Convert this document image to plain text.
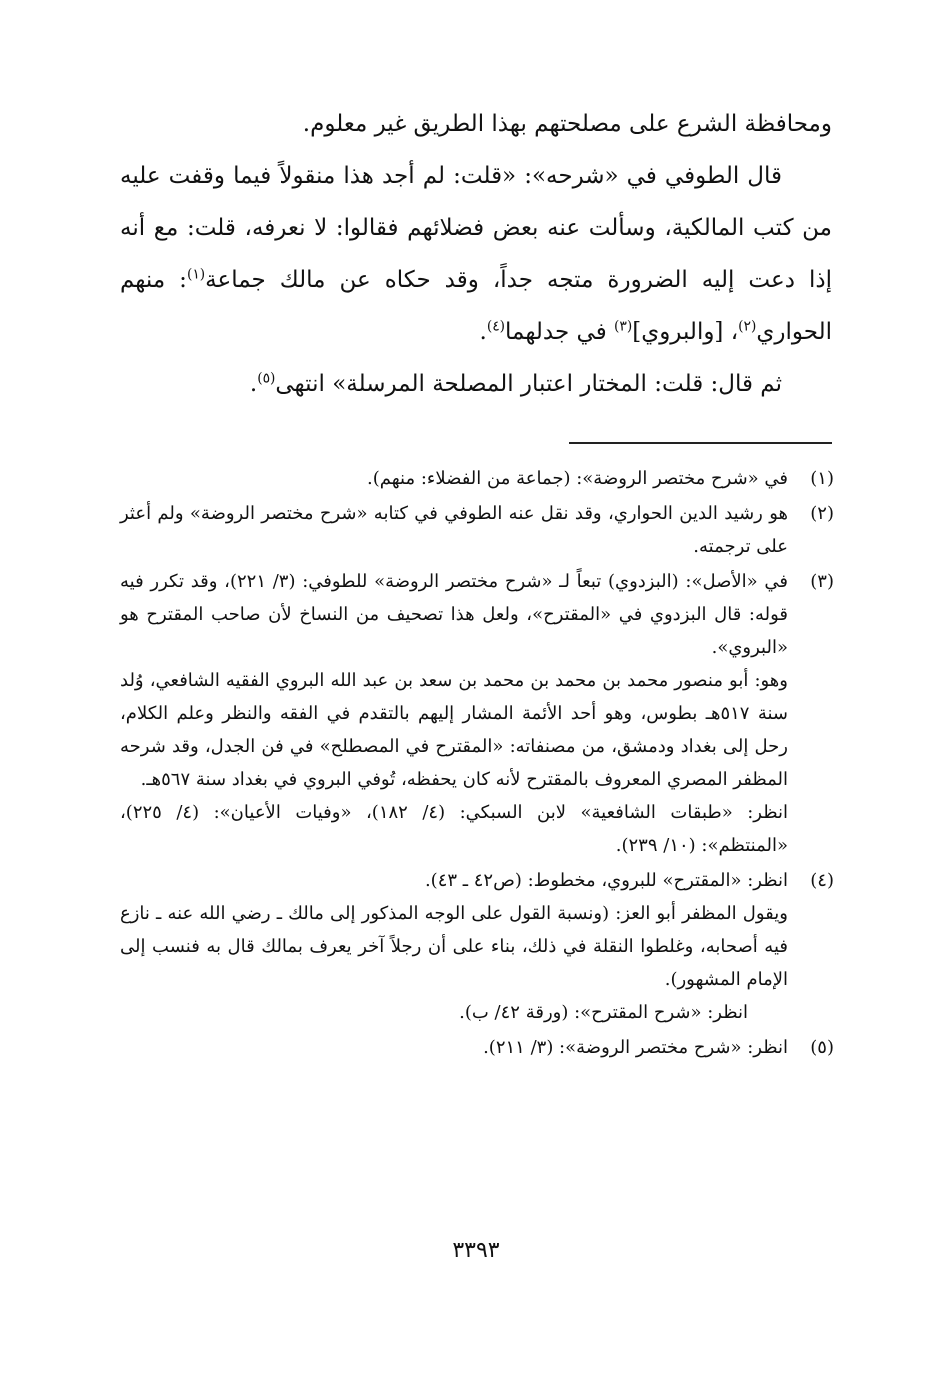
ومحافظة الشرع على مصلحتهم بهذا الطريق غير معلوم.

قال الطوفي في «شرحه»: «قلت: لم أجد هذا منقولاً فيما وقفت عليه من كتب المالكية، وسألت عنه بعض فضلائهم فقالوا: لا نعرفه، قلت: مع أنه إذا دعت إليه الضرورة متجه جداً، وقد حكاه عن مالك جماعة$^{(١)}$: منهم الحواري$^{(٢)}$، [والبروي]$^{(٣)}$ في جدلهما$^{(٤)}$.

ثم قال: قلت: المختار اعتبار المصلحة المرسلة» انتهى$^{(٥)}$.

(١)

في «شرح مختصر الروضة»: (جماعة من الفضلاء: منهم).

(٢)

هو رشيد الدين الحواري، وقد نقل عنه الطوفي في كتابه «شرح مختصر الروضة» ولم أعثر على ترجمته.

(٣)

في «الأصل»: (البزدوي) تبعاً لـ «شرح مختصر الروضة» للطوفي: (٣/ ٢٢١)، وقد تكرر فيه قوله: قال البزدوي في «المقترح»، ولعل هذا تصحيف من النساخ لأن صاحب المقترح هو «البروي».

وهو: أبو منصور محمد بن محمد بن محمد بن سعد بن عبد الله البروي الفقيه الشافعي، وُلد سنة ٥١٧هـ بطوس، وهو أحد الأئمة المشار إليهم بالتقدم في الفقه والنظر وعلم الكلام، رحل إلى بغداد ودمشق، من مصنفاته: «المقترح في المصطلح» في فن الجدل، وقد شرحه المظفر المصري المعروف بالمقترح لأنه كان يحفظه، تُوفي البروي في بغداد سنة ٥٦٧هـ.

انظر: «طبقات الشافعية» لابن السبكي: (٤/ ١٨٢)، «وفيات الأعيان»: (٤/ ٢٢٥)، «المنتظم»: (١٠/ ٢٣٩).

(٤)

انظر: «المقترح» للبروي، مخطوط: (ص٤٢ ـ ٤٣).

ويقول المظفر أبو العز: (ونسبة القول على الوجه المذكور إلى مالك ـ رضي الله عنه ـ نازع فيه أصحابه، وغلطوا النقلة في ذلك، بناء على أن رجلاً آخر يعرف بمالك قال به فنسب إلى الإمام المشهور).

انظر: «شرح المقترح»: (ورقة ٤٢/ ب).

(٥)

انظر: «شرح مختصر الروضة»: (٣/ ٢١١).

٣٣٩٣
